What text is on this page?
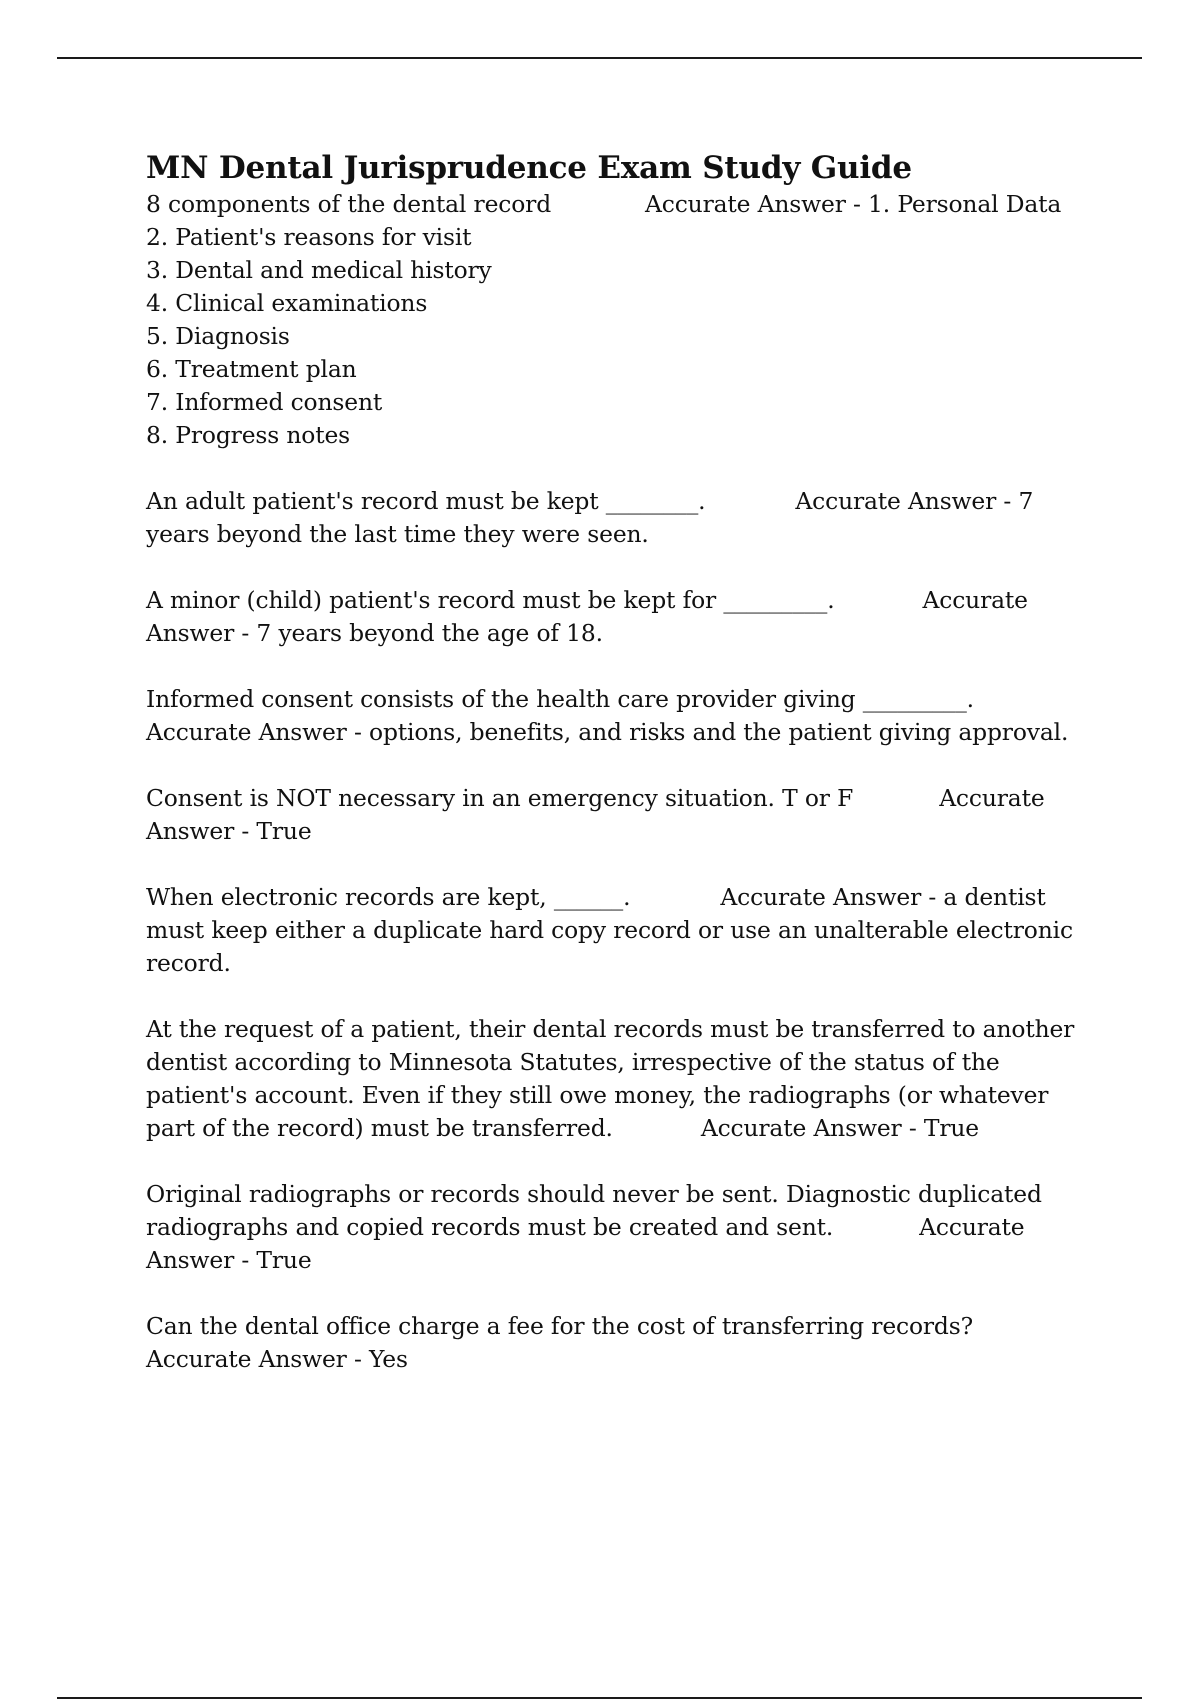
MN Dental Jurisprudence Exam Study Guide
8 components of the dental record	Accurate Answer - 1. Personal Data
2. Patient's reasons for visit
3. Dental and medical history
4. Clinical examinations
5. Diagnosis
6. Treatment plan
7. Informed consent
8. Progress notes
An adult patient's record must be kept ________.	Accurate Answer - 7
years beyond the last time they were seen.
A minor (child) patient's record must be kept for _________.	Accurate
Answer - 7 years beyond the age of 18.
Informed consent consists of the health care provider giving _________.
Accurate Answer - options, benefits, and risks and the patient giving approval.
Consent is NOT necessary in an emergency situation. T or F	Accurate
Answer - True
When electronic records are kept, ______.	Accurate Answer - a dentist
must keep either a duplicate hard copy record or use an unalterable electronic
record.
At the request of a patient, their dental records must be transferred to another
dentist according to Minnesota Statutes, irrespective of the status of the
patient's account. Even if they still owe money, the radiographs (or whatever
part of the record) must be transferred.	Accurate Answer - True
Original radiographs or records should never be sent. Diagnostic duplicated
radiographs and copied records must be created and sent.	Accurate
Answer - True
Can the dental office charge a fee for the cost of transferring records?
Accurate Answer - Yes
